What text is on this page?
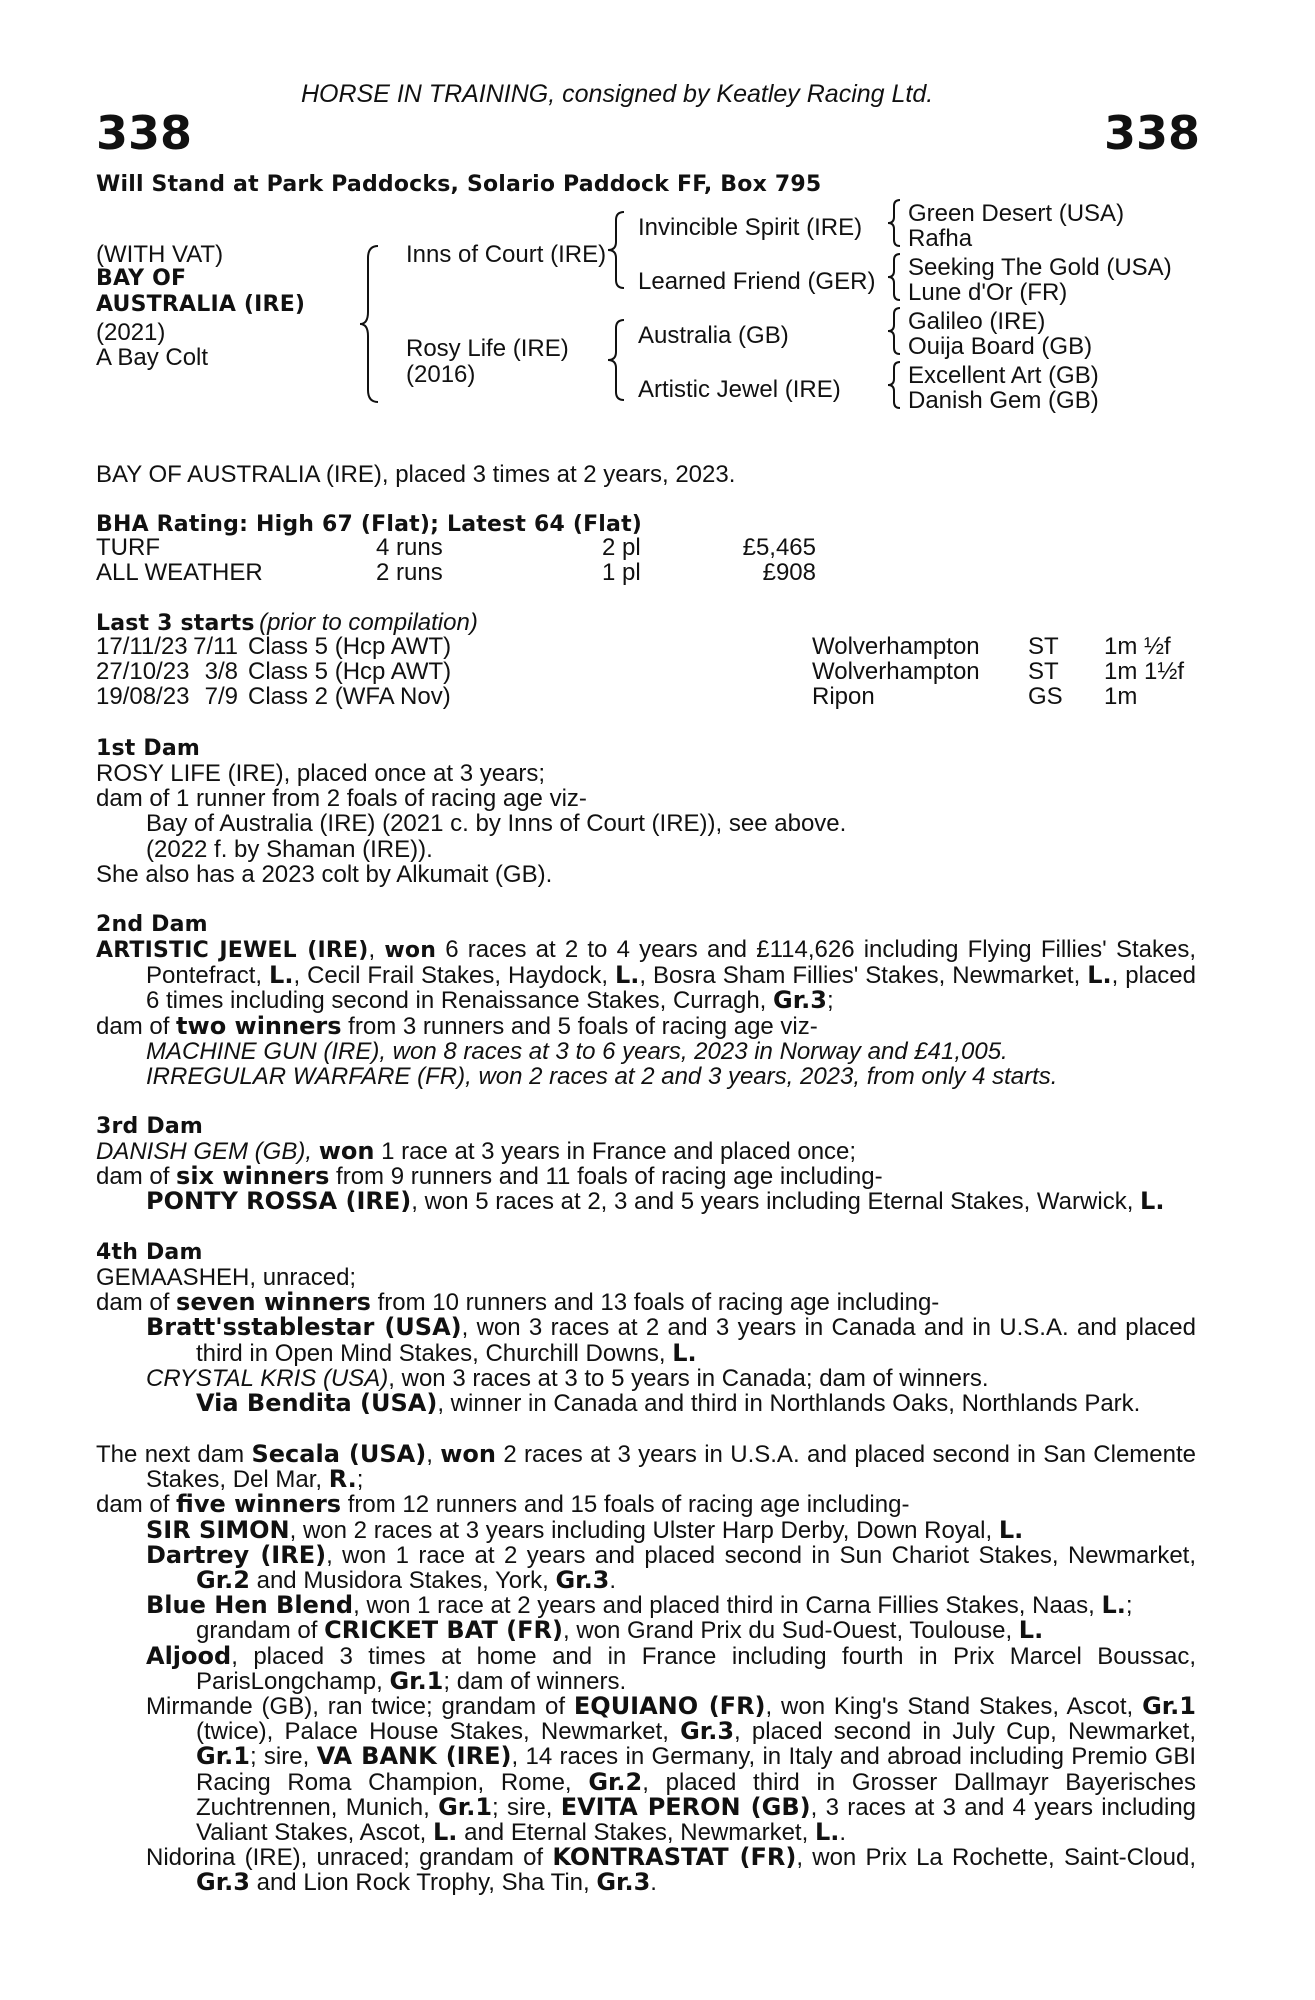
HORSE IN TRAINING, consigned by Keatley Racing Ltd.
338	338
Will Stand at Park Paddocks, Solario Paddock FF, Box 795
(WITH VAT)
BAY OF
AUSTRALIA (IRE)
(2021)
A Bay Colt
Inns of Court (IRE)
Rosy Life (IRE)
(2016)
Invincible Spirit (IRE)
Learned Friend (GER)
Australia (GB)
Artistic Jewel (IRE)
Green Desert (USA)
Rafha
Seeking The Gold (USA)
Lune d'Or (FR)
Galileo (IRE)
Ouija Board (GB)
Excellent Art (GB)
Danish Gem (GB)
BAY OF AUSTRALIA (IRE), placed 3 times at 2 years, 2023.
BHA Rating: High 67 (Flat); Latest 64 (Flat)
TURF	4 runs	2 pl	£5,465
ALL WEATHER	2 runs	1 pl	£908
Last 3 starts (prior to compilation)
17/11/23 7/11 Class 5 (Hcp AWT)	Wolverhampton ST 1m ½f
27/10/23 3/8 Class 5 (Hcp AWT)	Wolverhampton ST 1m 1½f
19/08/23 7/9 Class 2 (WFA Nov)	Ripon	GS 1m
1st Dam

ROSY LIFE (IRE), placed once at 3 years;

dam of 1 runner from 2 foals of racing age viz-

Bay of Australia (IRE) (2021 c. by Inns of Court (IRE)), see above.

(2022 f. by Shaman (IRE)).

She also has a 2023 colt by Alkumait (GB).

2nd Dam

ARTISTIC JEWEL (IRE), won 6 races at 2 to 4 years and £114,626 including Flying Fillies' Stakes, Pontefract, L., Cecil Frail Stakes, Haydock, L., Bosra Sham Fillies' Stakes, Newmarket, L., placed 6 times including second in Renaissance Stakes, Curragh, Gr.3;

dam of two winners from 3 runners and 5 foals of racing age viz-

MACHINE GUN (IRE), won 8 races at 3 to 6 years, 2023 in Norway and £41,005.

IRREGULAR WARFARE (FR), won 2 races at 2 and 3 years, 2023, from only 4 starts.

3rd Dam

DANISH GEM (GB), won 1 race at 3 years in France and placed once;

dam of six winners from 9 runners and 11 foals of racing age including-

PONTY ROSSA (IRE), won 5 races at 2, 3 and 5 years including Eternal Stakes, Warwick, L.

4th Dam

GEMAASHEH, unraced;

dam of seven winners from 10 runners and 13 foals of racing age including-

Bratt'sstablestar (USA), won 3 races at 2 and 3 years in Canada and in U.S.A. and placed third in Open Mind Stakes, Churchill Downs, L.

CRYSTAL KRIS (USA), won 3 races at 3 to 5 years in Canada; dam of winners.

Via Bendita (USA), winner in Canada and third in Northlands Oaks, Northlands Park.

The next dam Secala (USA), won 2 races at 3 years in U.S.A. and placed second in San Clemente Stakes, Del Mar, R.;

dam of five winners from 12 runners and 15 foals of racing age including-

SIR SIMON, won 2 races at 3 years including Ulster Harp Derby, Down Royal, L.

Dartrey (IRE), won 1 race at 2 years and placed second in Sun Chariot Stakes, Newmarket, Gr.2 and Musidora Stakes, York, Gr.3.

Blue Hen Blend, won 1 race at 2 years and placed third in Carna Fillies Stakes, Naas, L.; grandam of CRICKET BAT (FR), won Grand Prix du Sud-Ouest, Toulouse, L.

Aljood, placed 3 times at home and in France including fourth in Prix Marcel Boussac, ParisLongchamp, Gr.1; dam of winners.

Mirmande (GB), ran twice; grandam of EQUIANO (FR), won King's Stand Stakes, Ascot, Gr.1 (twice), Palace House Stakes, Newmarket, Gr.3, placed second in July Cup, Newmarket, Gr.1; sire, VA BANK (IRE), 14 races in Germany, in Italy and abroad including Premio GBI Racing Roma Champion, Rome, Gr.2, placed third in Grosser Dallmayr Bayerisches Zuchtrennen, Munich, Gr.1; sire, EVITA PERON (GB), 3 races at 3 and 4 years including Valiant Stakes, Ascot, L. and Eternal Stakes, Newmarket, L..

Nidorina (IRE), unraced; grandam of KONTRASTAT (FR), won Prix La Rochette, Saint-Cloud, Gr.3 and Lion Rock Trophy, Sha Tin, Gr.3.
